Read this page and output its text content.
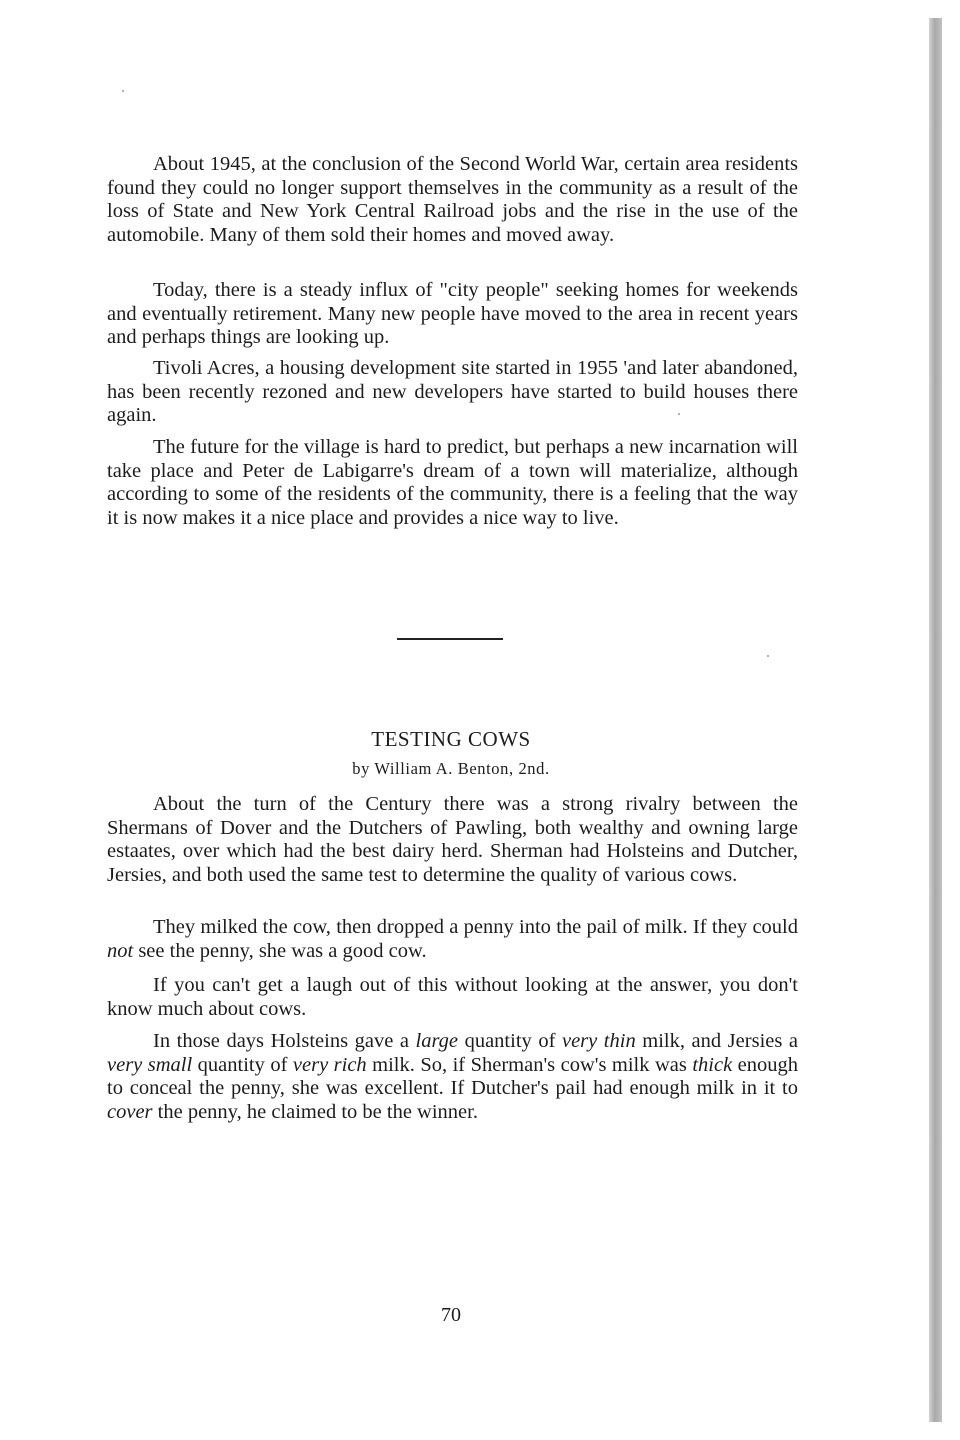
About 1945, at the conclusion of the Second World War, certain area residents found they could no longer support themselves in the community as a result of the loss of State and New York Central Railroad jobs and the rise in the use of the automobile. Many of them sold their homes and moved away.

Today, there is a steady influx of "city people" seeking homes for weekends and eventually retirement. Many new people have moved to the area in recent years and perhaps things are looking up.

Tivoli Acres, a housing development site started in 1955 'and later abandoned, has been recently rezoned and new developers have started to build houses there again.

The future for the village is hard to predict, but perhaps a new incarnation will take place and Peter de Labigarre's dream of a town will materialize, although according to some of the residents of the community, there is a feeling that the way it is now makes it a nice place and provides a nice way to live.

TESTING COWS
by William A. Benton, 2nd.

About the turn of the Century there was a strong rivalry between the Shermans of Dover and the Dutchers of Pawling, both wealthy and owning large estaates, over which had the best dairy herd. Sherman had Holsteins and Dutcher, Jersies, and both used the same test to determine the quality of various cows.

They milked the cow, then dropped a penny into the pail of milk. If they could not see the penny, she was a good cow.

If you can't get a laugh out of this without looking at the answer, you don't know much about cows.

In those days Holsteins gave a large quantity of very thin milk, and Jersies a very small quantity of very rich milk. So, if Sherman's cow's milk was thick enough to conceal the penny, she was excellent. If Dutcher's pail had enough milk in it to cover the penny, he claimed to be the winner.

70
